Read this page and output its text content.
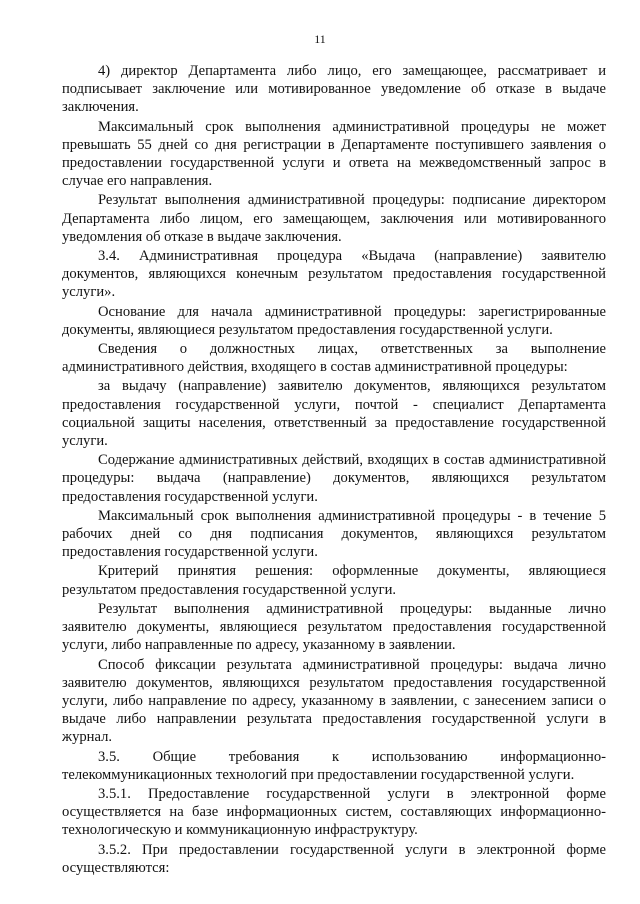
11

4) директор Департамента либо лицо, его замещающее, рассматривает и подписывает заключение или мотивированное уведомление об отказе в выдаче заключения.

Максимальный срок выполнения административной процедуры не может превышать 55 дней со дня регистрации в Департаменте поступившего заявления о предоставлении государственной услуги и ответа на межведомственный запрос в случае его направления.

Результат выполнения административной процедуры: подписание директором Департамента либо лицом, его замещающем, заключения или мотивированного уведомления об отказе в выдаче заключения.

3.4. Административная процедура «Выдача (направление) заявителю документов, являющихся конечным результатом предоставления государственной услуги».

Основание для начала административной процедуры: зарегистрированные документы, являющиеся результатом предоставления государственной услуги.

Сведения о должностных лицах, ответственных за выполнение административного действия, входящего в состав административной процедуры:

за выдачу (направление) заявителю документов, являющихся результатом предоставления государственной услуги, почтой - специалист Департамента социальной защиты населения, ответственный за предоставление государственной услуги.

Содержание административных действий, входящих в состав административной процедуры: выдача (направление) документов, являющихся результатом предоставления государственной услуги.

Максимальный срок выполнения административной процедуры - в течение 5 рабочих дней со дня подписания документов, являющихся результатом предоставления государственной услуги.

Критерий принятия решения: оформленные документы, являющиеся результатом предоставления государственной услуги.

Результат выполнения административной процедуры: выданные лично заявителю документы, являющиеся результатом предоставления государственной услуги, либо направленные по адресу, указанному в заявлении.

Способ фиксации результата административной процедуры: выдача лично заявителю документов, являющихся результатом предоставления государственной услуги, либо направление по адресу, указанному в заявлении, с занесением записи о выдаче либо направлении результата предоставления государственной услуги в журнал.

3.5. Общие требования к использованию информационно-телекоммуникационных технологий при предоставлении государственной услуги.

3.5.1. Предоставление государственной услуги в электронной форме осуществляется на базе информационных систем, составляющих информационно-технологическую и коммуникационную инфраструктуру.

3.5.2. При предоставлении государственной услуги в электронной форме осуществляются:
